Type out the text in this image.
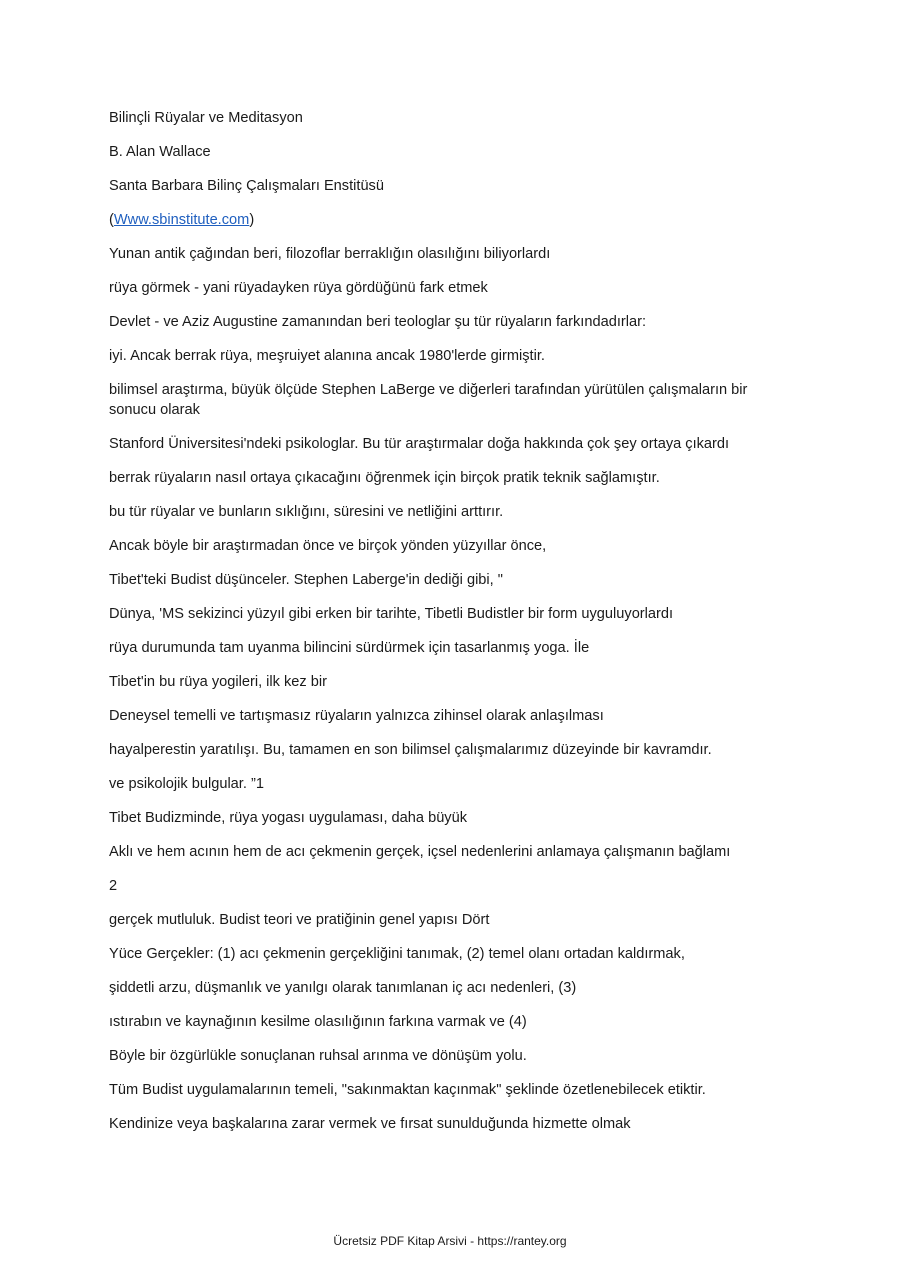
Bilinçli Rüyalar ve Meditasyon

B. Alan Wallace

Santa Barbara Bilinç Çalışmaları Enstitüsü

(Www.sbinstitute.com)

Yunan antik çağından beri, filozoflar berraklığın olasılığını biliyorlardı

rüya görmek - yani rüyadayken rüya gördüğünü fark etmek

Devlet - ve Aziz Augustine zamanından beri teologlar şu tür rüyaların farkındadırlar:

iyi. Ancak berrak rüya, meşruiyet alanına ancak 1980'lerde girmiştir.

bilimsel araştırma, büyük ölçüde Stephen LaBerge ve diğerleri tarafından yürütülen çalışmaların bir sonucu olarak

Stanford Üniversitesi'ndeki psikologlar. Bu tür araştırmalar doğa hakkında çok şey ortaya çıkardı

berrak rüyaların nasıl ortaya çıkacağını öğrenmek için birçok pratik teknik sağlamıştır.

bu tür rüyalar ve bunların sıklığını, süresini ve netliğini arttırır.

Ancak böyle bir araştırmadan önce ve birçok yönden yüzyıllar önce,

Tibet'teki Budist düşünceler. Stephen Laberge'in dediği gibi, "

Dünya, 'MS sekizinci yüzyıl gibi erken bir tarihte, Tibetli Budistler bir form uyguluyorlardı

rüya durumunda tam uyanma bilincini sürdürmek için tasarlanmış yoga. İle

Tibet'in bu rüya yogileri, ilk kez bir

Deneysel temelli ve tartışmasız rüyaların yalnızca zihinsel olarak anlaşılması

hayalperestin yaratılışı. Bu, tamamen en son bilimsel çalışmalarımız düzeyinde bir kavramdır.

ve psikolojik bulgular. ”1

Tibet Budizminde, rüya yogası uygulaması, daha büyük

Aklı ve hem acının hem de acı çekmenin gerçek, içsel nedenlerini anlamaya çalışmanın bağlamı

2

gerçek mutluluk. Budist teori ve pratiğinin genel yapısı Dört

Yüce Gerçekler: (1) acı çekmenin gerçekliğini tanımak, (2) temel olanı ortadan kaldırmak,

şiddetli arzu, düşmanlık ve yanılgı olarak tanımlanan iç acı nedenleri, (3)

ıstırabın ve kaynağının kesilme olasılığının farkına varmak ve (4)

Böyle bir özgürlükle sonuçlanan ruhsal arınma ve dönüşüm yolu.

Tüm Budist uygulamalarının temeli, "sakınmaktan kaçınmak" şeklinde özetlenebilecek etiktir.

Kendinize veya başkalarına zarar vermek ve fırsat sunulduğunda hizmette olmak

Ücretsiz PDF Kitap Arsivi - https://rantey.org
